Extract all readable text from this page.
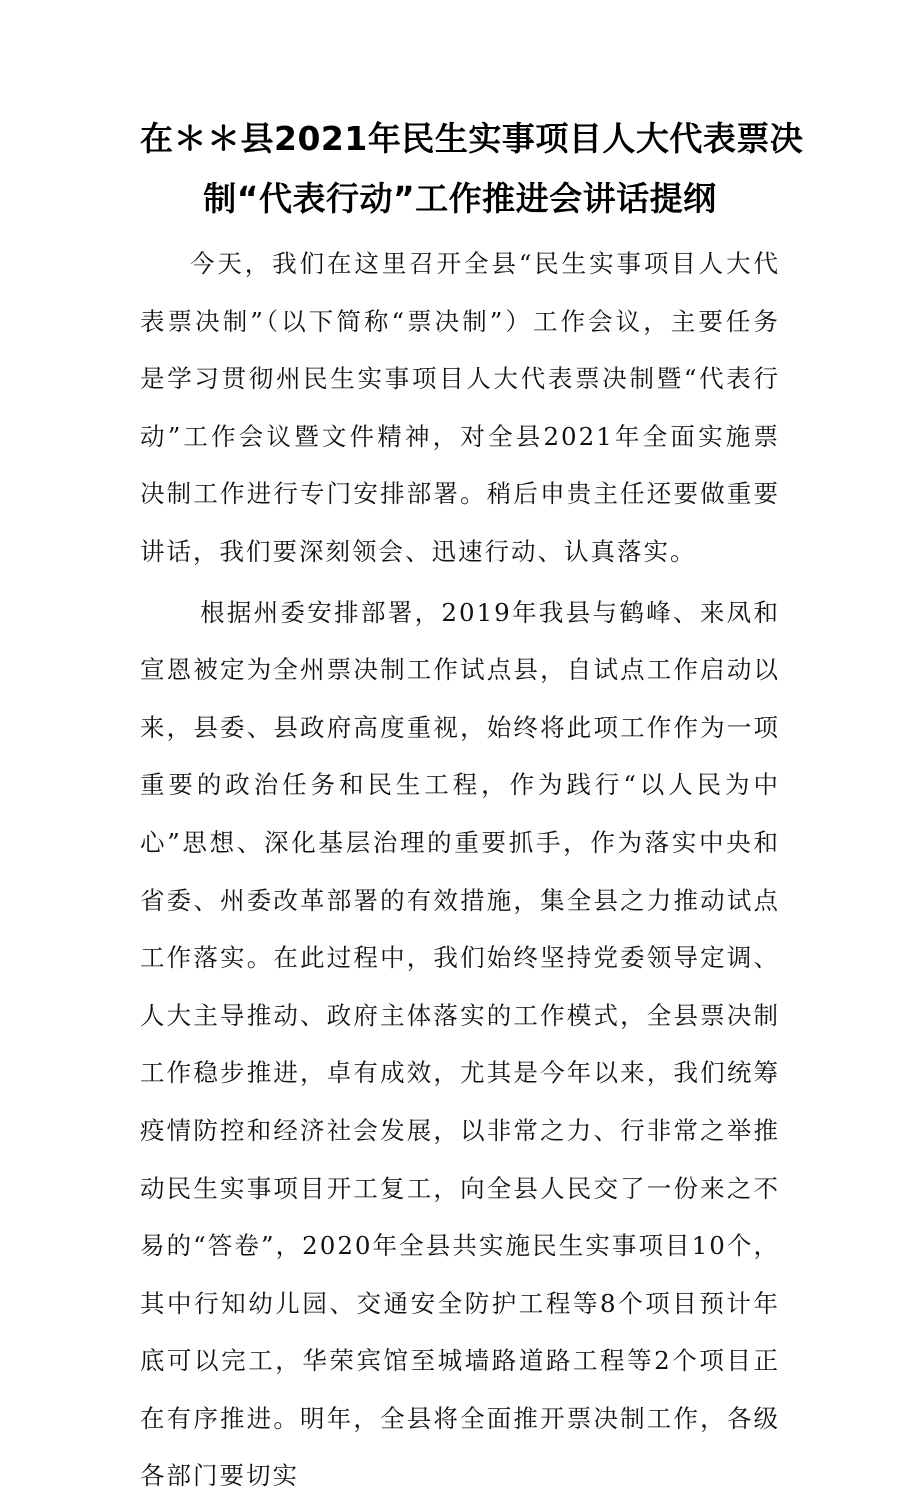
在＊＊县2021年民生实事项目人大代表票决
制“代表行动”工作推进会讲话提纲

今天，我们在这里召开全县“民生实事项目人大代表票决制”（以下简称“票决制”）工作会议，主要任务是学习贯彻州民生实事项目人大代表票决制暨“代表行动”工作会议暨文件精神，对全县2021年全面实施票决制工作进行专门安排部署。稍后申贵主任还要做重要讲话，我们要深刻领会、迅速行动、认真落实。

根据州委安排部署，2019年我县与鹤峰、来凤和宣恩被定为全州票决制工作试点县，自试点工作启动以来，县委、县政府高度重视，始终将此项工作作为一项重要的政治任务和民生工程，作为践行“以人民为中心”思想、深化基层治理的重要抓手，作为落实中央和省委、州委改革部署的有效措施，集全县之力推动试点工作落实。在此过程中，我们始终坚持党委领导定调、人大主导推动、政府主体落实的工作模式，全县票决制工作稳步推进，卓有成效，尤其是今年以来，我们统筹疫情防控和经济社会发展，以非常之力、行非常之举推动民生实事项目开工复工，向全县人民交了一份来之不易的“答卷”，2020年全县共实施民生实事项目10个，其中行知幼儿园、交通安全防护工程等8个项目预计年底可以完工，华荣宾馆至城墙路道路工程等2个项目正在有序推进。明年，全县将全面推开票决制工作，各级各部门要切实
